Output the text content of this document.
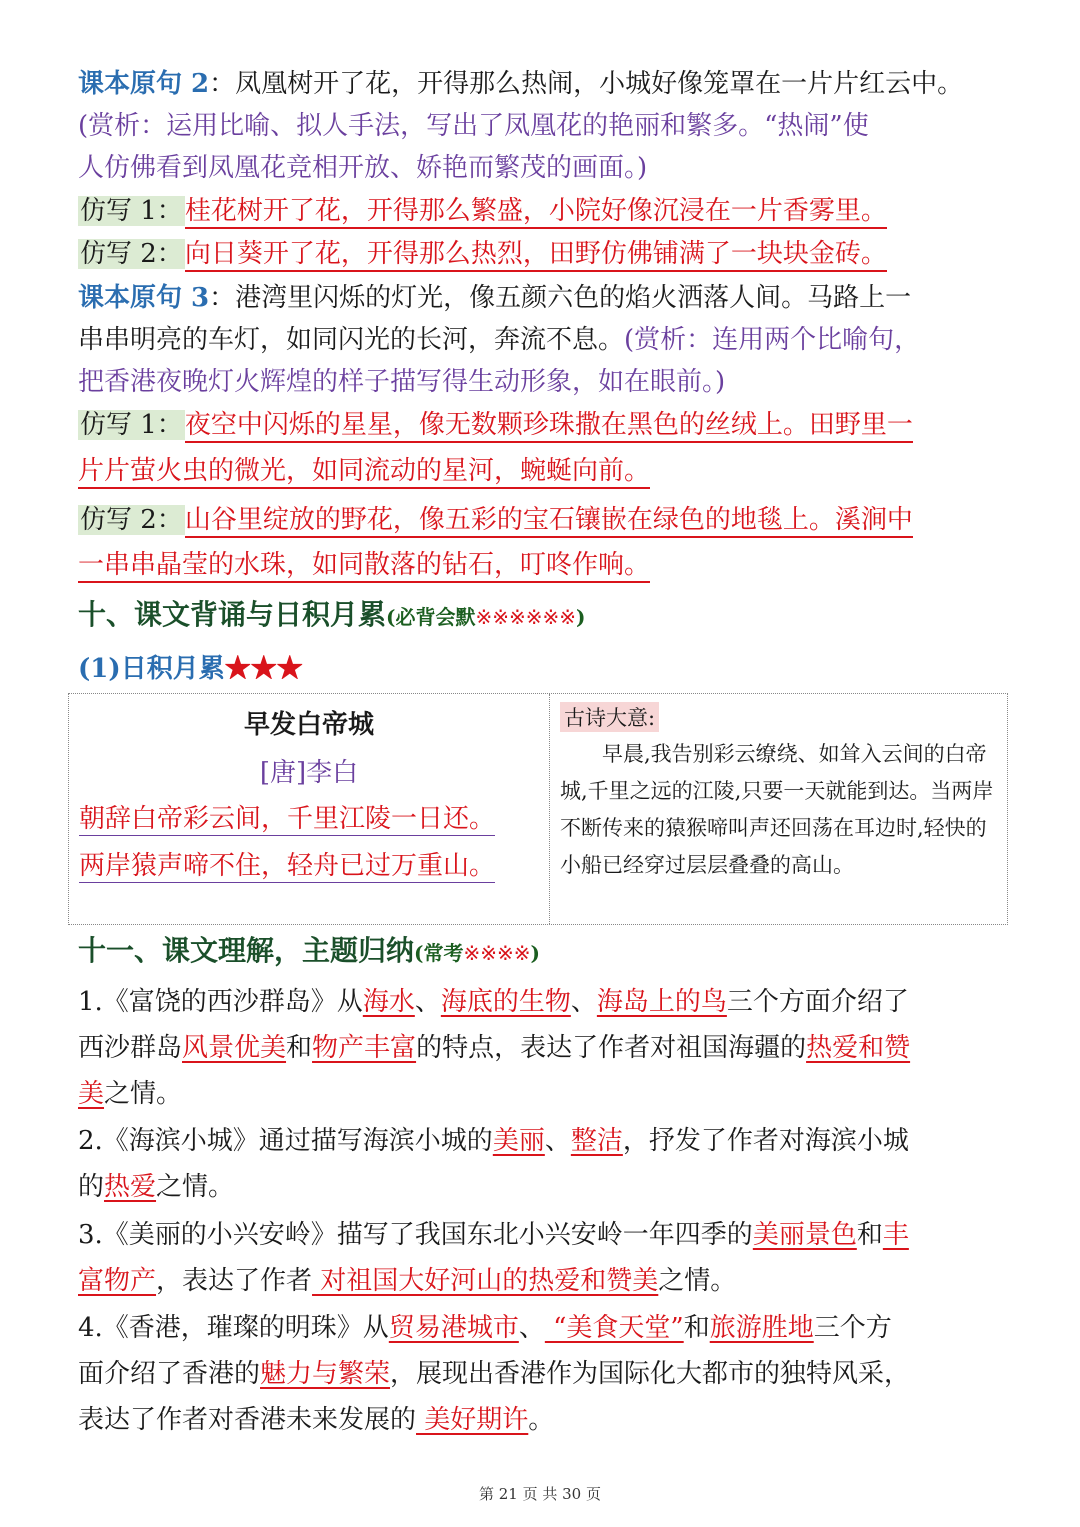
课本原句 2：凤凰树开了花，开得那么热闹，小城好像笼罩在一片片红云中。
(赏析：运用比喻、拟人手法，写出了凤凰花的艳丽和繁多。“热闹”使
人仿佛看到凤凰花竞相开放、娇艳而繁茂的画面。)
仿写 1：桂花树开了花，开得那么繁盛，小院好像沉浸在一片香雾里。
仿写 2：向日葵开了花，开得那么热烈，田野仿佛铺满了一块块金砖。
课本原句 3：港湾里闪烁的灯光，像五颜六色的焰火洒落人间。马路上一
串串明亮的车灯，如同闪光的长河，奔流不息。(赏析：连用两个比喻句，
把香港夜晚灯火辉煌的样子描写得生动形象，如在眼前。)
仿写 1：夜空中闪烁的星星，像无数颗珍珠撒在黑色的丝绒上。田野里一
片片萤火虫的微光，如同流动的星河，蜿蜒向前。
仿写 2：山谷里绽放的野花，像五彩的宝石镶嵌在绿色的地毯上。溪涧中
一串串晶莹的水珠，如同散落的钻石，叮咚作响。
十、课文背诵与日积月累(必背会默※※※※※※)
(1)日积月累★★★
早发白帝城
[唐]李白
朝辞白帝彩云间，千里江陵一日还。
两岸猿声啼不住，轻舟已过万重山。
古诗大意:
早晨,我告别彩云缭绕、如耸入云间的白帝城,千里之远的江陵,只要一天就能到达。当两岸不断传来的猿猴啼叫声还回荡在耳边时,轻快的小船已经穿过层层叠叠的高山。
十一、课文理解，主题归纳(常考※※※※)
1.《富饶的西沙群岛》从海水、海底的生物、海岛上的鸟三个方面介绍了
西沙群岛风景优美和物产丰富的特点，表达了作者对祖国海疆的热爱和赞
美之情。
2.《海滨小城》通过描写海滨小城的美丽、整洁，抒发了作者对海滨小城
的热爱之情。
3.《美丽的小兴安岭》描写了我国东北小兴安岭一年四季的美丽景色和丰
富物产，表达了作者 对祖国大好河山的热爱和赞美之情。
4.《香港，璀璨的明珠》从贸易港城市、 “美食天堂”和旅游胜地三个方
面介绍了香港的魅力与繁荣，展现出香港作为国际化大都市的独特风采，
表达了作者对香港未来发展的 美好期许。
第 21 页 共 30 页
